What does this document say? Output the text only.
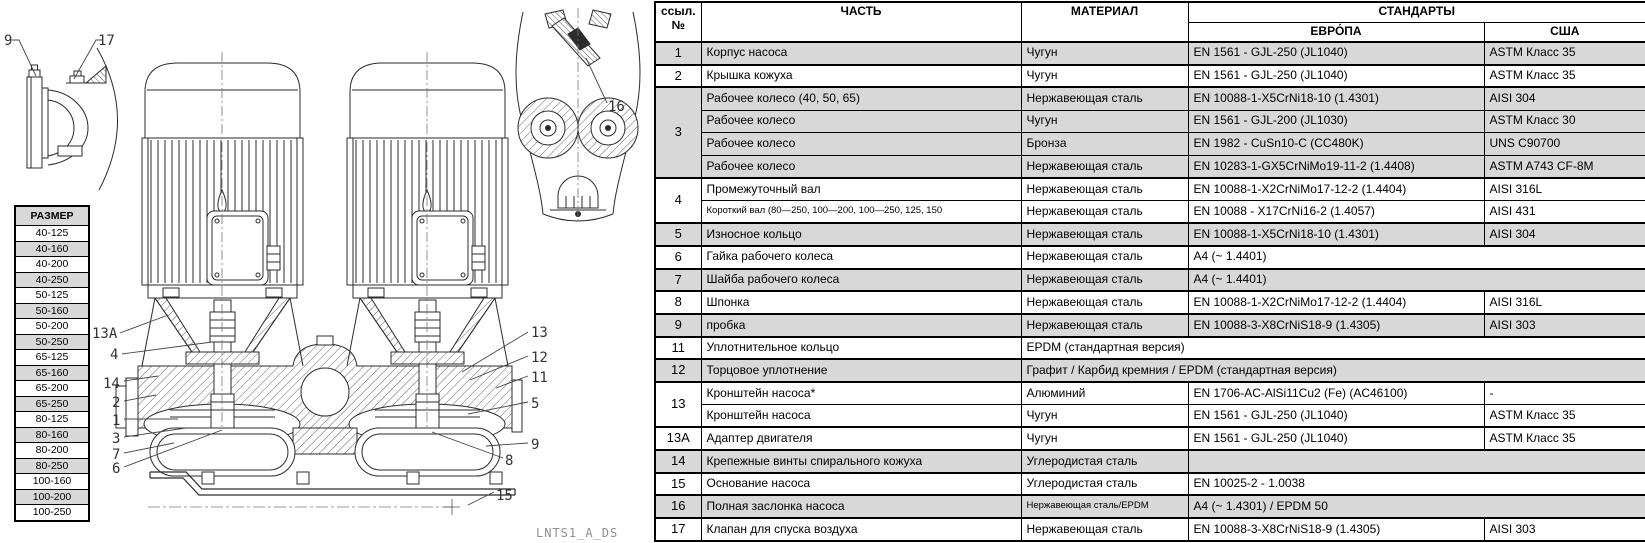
9	17
13A
4
14
2
1
3
7
6
13
12
11
5
9
8
15
16
LNTS1_A_DS
РАЗМЕР
40-125
40-160
40-200
40-250
50-125
50-160
50-200
50-250
65-125
65-160
65-200
65-250
80-125
80-160
80-200
80-250
100-160
100-200
100-250
ссыл.
№	ЧАСТЬ	МАТЕРИАЛ	СТАНДАРТЫ	
			ЕВРО́ПА	США
1	Корпус насоса	Чугун	EN 1561 - GJL-250 (JL1040)	ASTM Класс 35
2	Крышка кожуха	Чугун	EN 1561 - GJL-250 (JL1040)	ASTM Класс 35
3	Рабочее колесо (40, 50, 65)	Нержавеющая сталь	EN 10088-1-X5CrNi18-10 (1.4301)	AISI 304
	Рабочее колесо	Чугун	EN 1561 - GJL-200 (JL1030)	ASTM Класс 30
	Рабочее колесо	Бронза	EN 1982 - CuSn10-C (CC480K)	UNS C90700
	Рабочее колесо	Нержавеющая сталь	EN 10283-1-GX5CrNiMo19-11-2 (1.4408)	ASTM A743 CF-8M
4	Промежуточный вал	Нержавеющая сталь	EN 10088-1-X2CrNiMo17-12-2 (1.4404)	AISI 316L
	Короткий вал (80—250, 100—200, 100—250, 125, 150	Нержавеющая сталь	EN 10088 - X17CrNi16-2 (1.4057)	AISI 431
5	Износное кольцо	Нержавеющая сталь	EN 10088-1-X5CrNi18-10 (1.4301)	AISI 304
6	Гайка рабочего колеса	Нержавеющая сталь	A4 (~ 1.4401)	
7	Шайба рабочего колеса	Нержавеющая сталь	A4 (~ 1.4401)	
8	Шпонка	Нержавеющая сталь	EN 10088-1-X2CrNiMo17-12-2 (1.4404)	AISI 316L
9	пробка	Нержавеющая сталь	EN 10088-3-X8CrNiS18-9 (1.4305)	AISI 303
11	Уплотнительное кольцо	EPDM (стандартная версия)		
12	Торцовое уплотнение	Графит / Карбид кремния / EPDM (стандартная версия)		
13	Кронштейн насоса*	Алюминий	EN 1706-AC-AlSi11Cu2 (Fe) (AC46100)	-
	Кронштейн насоса	Чугун	EN 1561 - GJL-250 (JL1040)	ASTM Класс 35
13A	Адаптер двигателя	Чугун	EN 1561 - GJL-250 (JL1040)	ASTM Класс 35
14	Крепежные винты спирального кожуха	Углеродистая сталь		
15	Основание насоса	Углеродистая сталь	EN 10025-2 - 1.0038	
16	Полная заслонка насоса	Нержавеющая сталь/EPDM	A4 (~ 1.4301) / EPDM 50	
17	Клапан для спуска воздуха	Нержавеющая сталь	EN 10088-3-X8CrNiS18-9 (1.4305)	AISI 303
